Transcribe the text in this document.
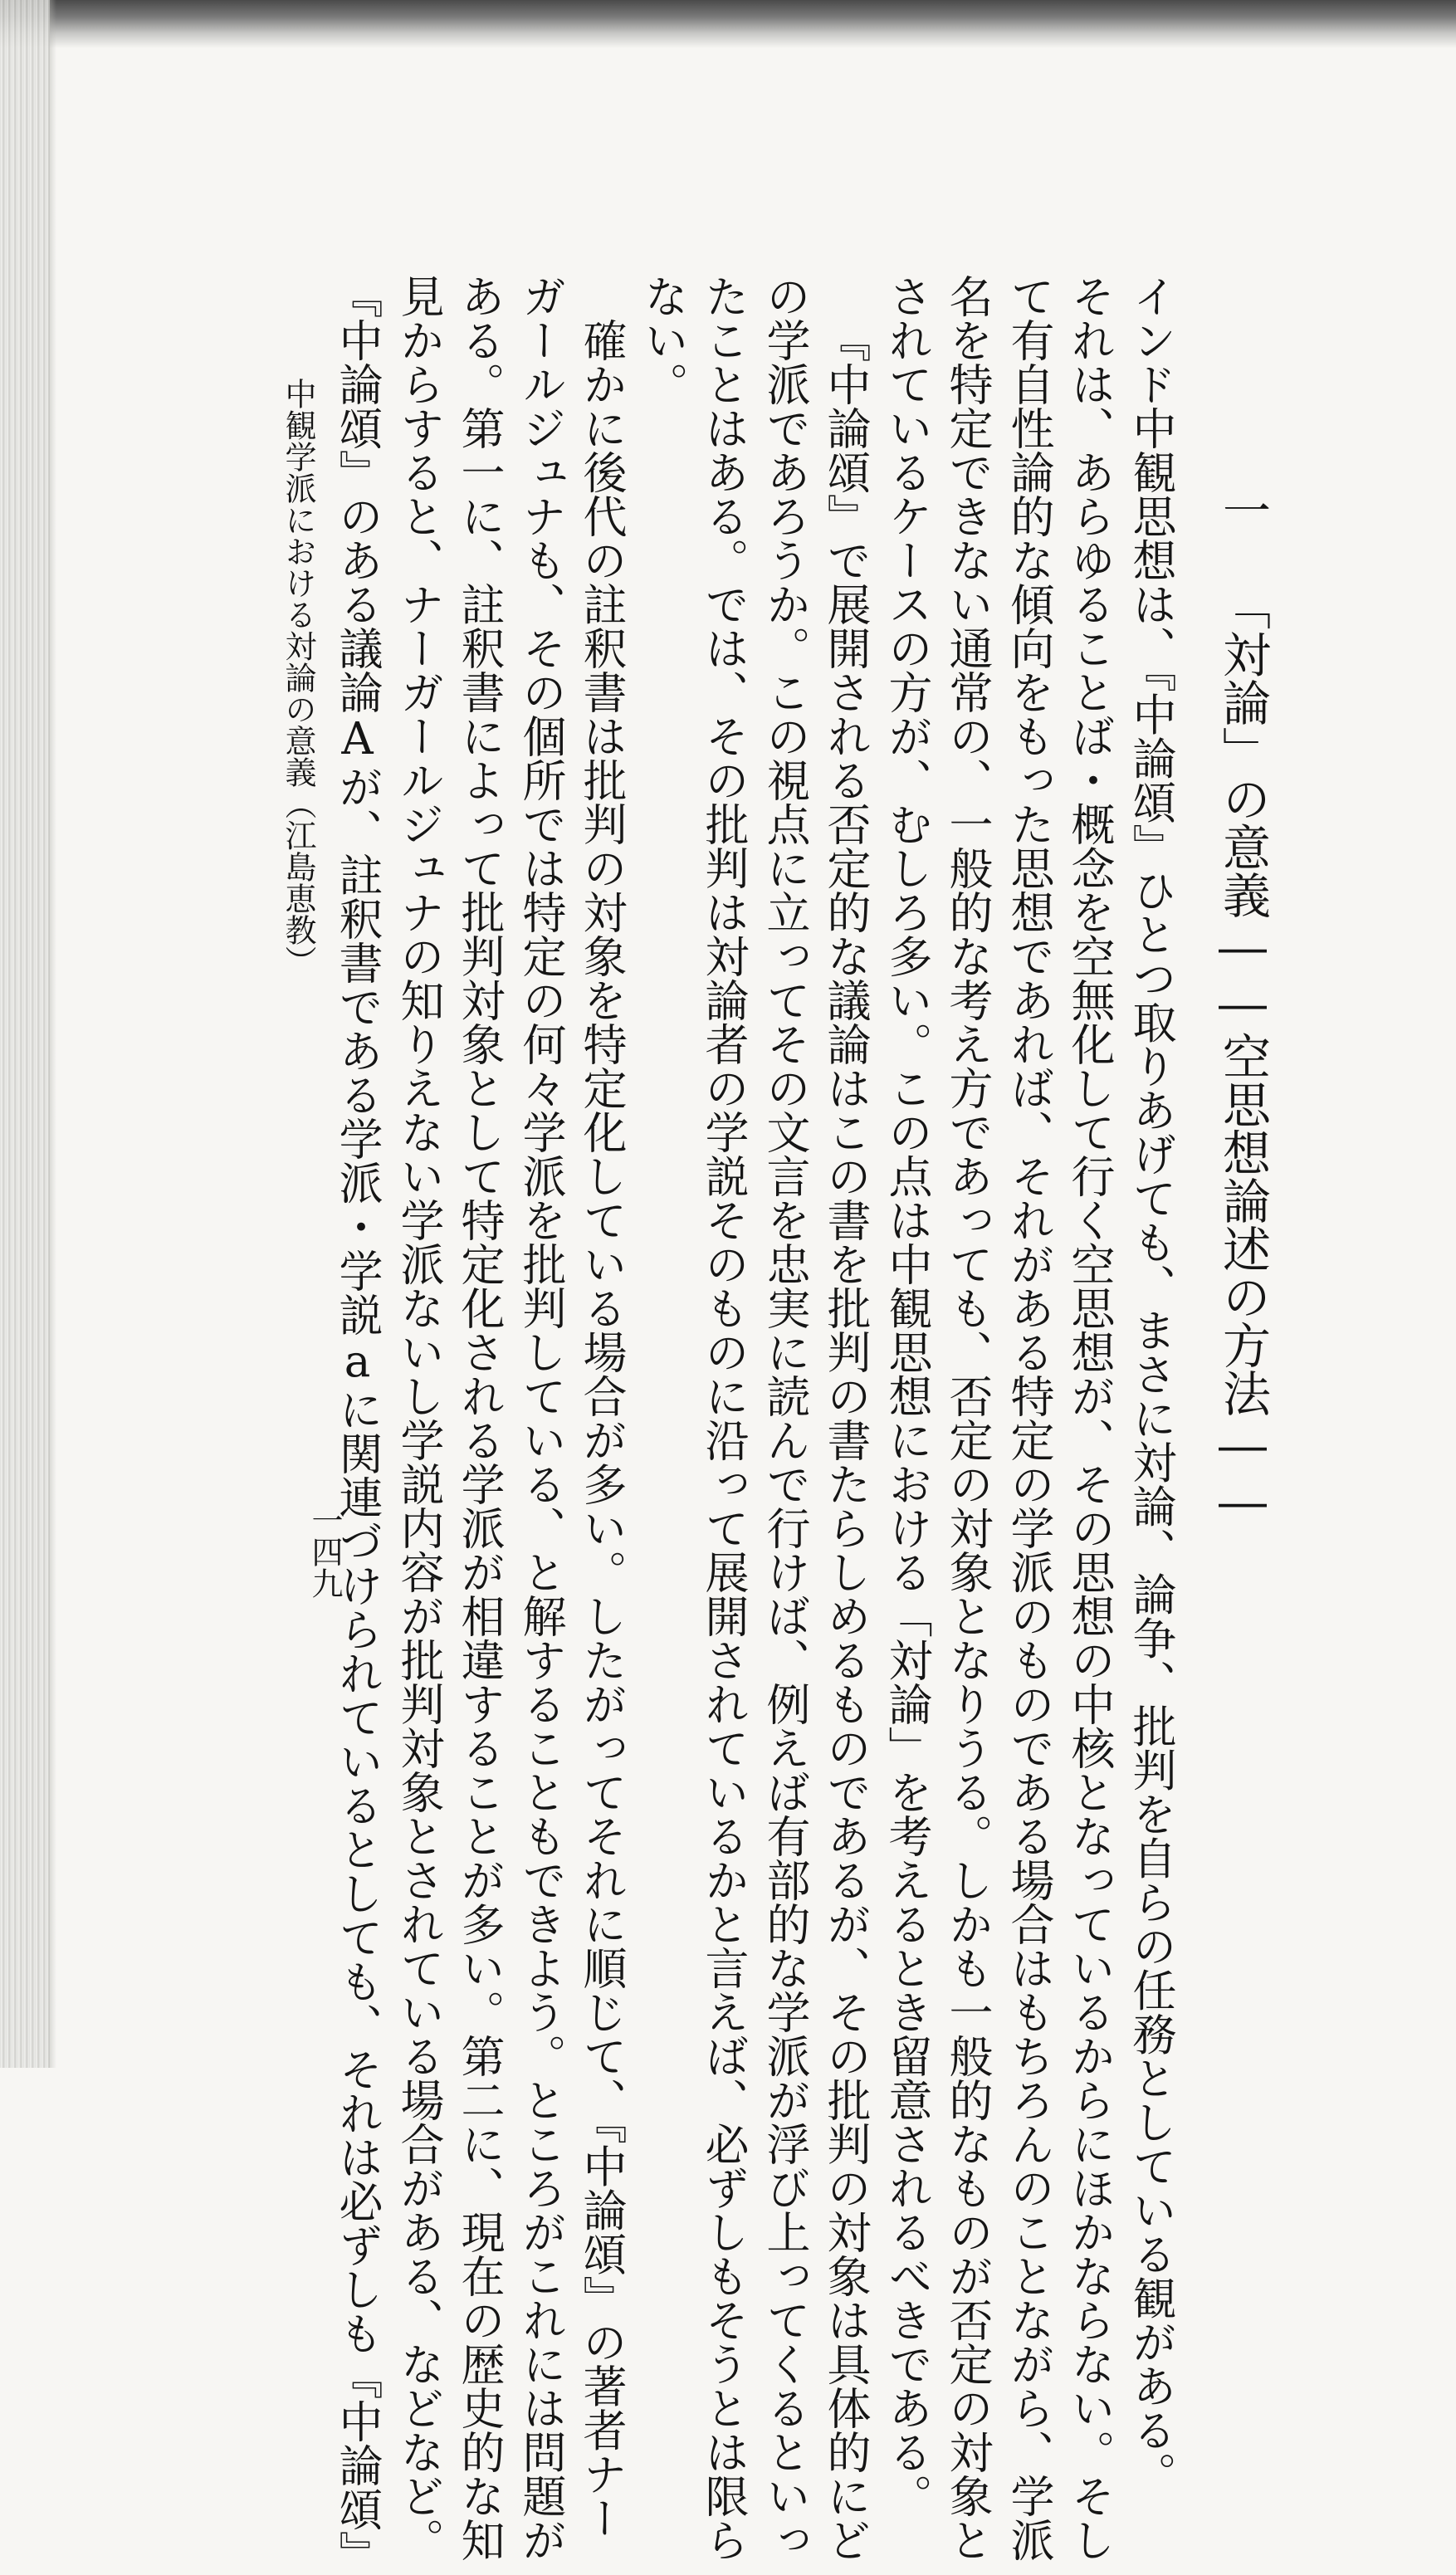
一
「対論」の意義――空思想論述の方法――
インド中観思想は、『中論頌』ひとつ取りあげても、まさに対論、論争、批判を自らの任務としている観がある。
それは、あらゆることば・概念を空無化して行く空思想が、その思想の中核となっているからにほかならない。そし
て有自性論的な傾向をもった思想であれば、それがある特定の学派のものである場合はもちろんのことながら、学派
名を特定できない通常の、一般的な考え方であっても、否定の対象となりうる。しかも一般的なものが否定の対象と
されているケースの方が、むしろ多い。この点は中観思想における「対論」を考えるとき留意されるべきである。
『中論頌』で展開される否定的な議論はこの書を批判の書たらしめるものであるが、その批判の対象は具体的にど
の学派であろうか。この視点に立ってその文言を忠実に読んで行けば、例えば有部的な学派が浮び上ってくるといっ
たことはある。では、その批判は対論者の学説そのものに沿って展開されているかと言えば、必ずしもそうとは限ら
ない。
確かに後代の註釈書は批判の対象を特定化している場合が多い。したがってそれに順じて、『中論頌』の著者ナー
ガールジュナも、その個所では特定の何々学派を批判している、と解することもできよう。ところがこれには問題が
ある。第一に、註釈書によって批判対象として特定化される学派が相違することが多い。第二に、現在の歴史的な知
見からすると、ナーガールジュナの知りえない学派ないし学説内容が批判対象とされている場合がある、などなど。
『中論頌』のある議論Aが、註釈書である学派・学説aに関連づけられているとしても、それは必ずしも『中論頌』
中観学派における対論の意義（江島恵教）
一四九
